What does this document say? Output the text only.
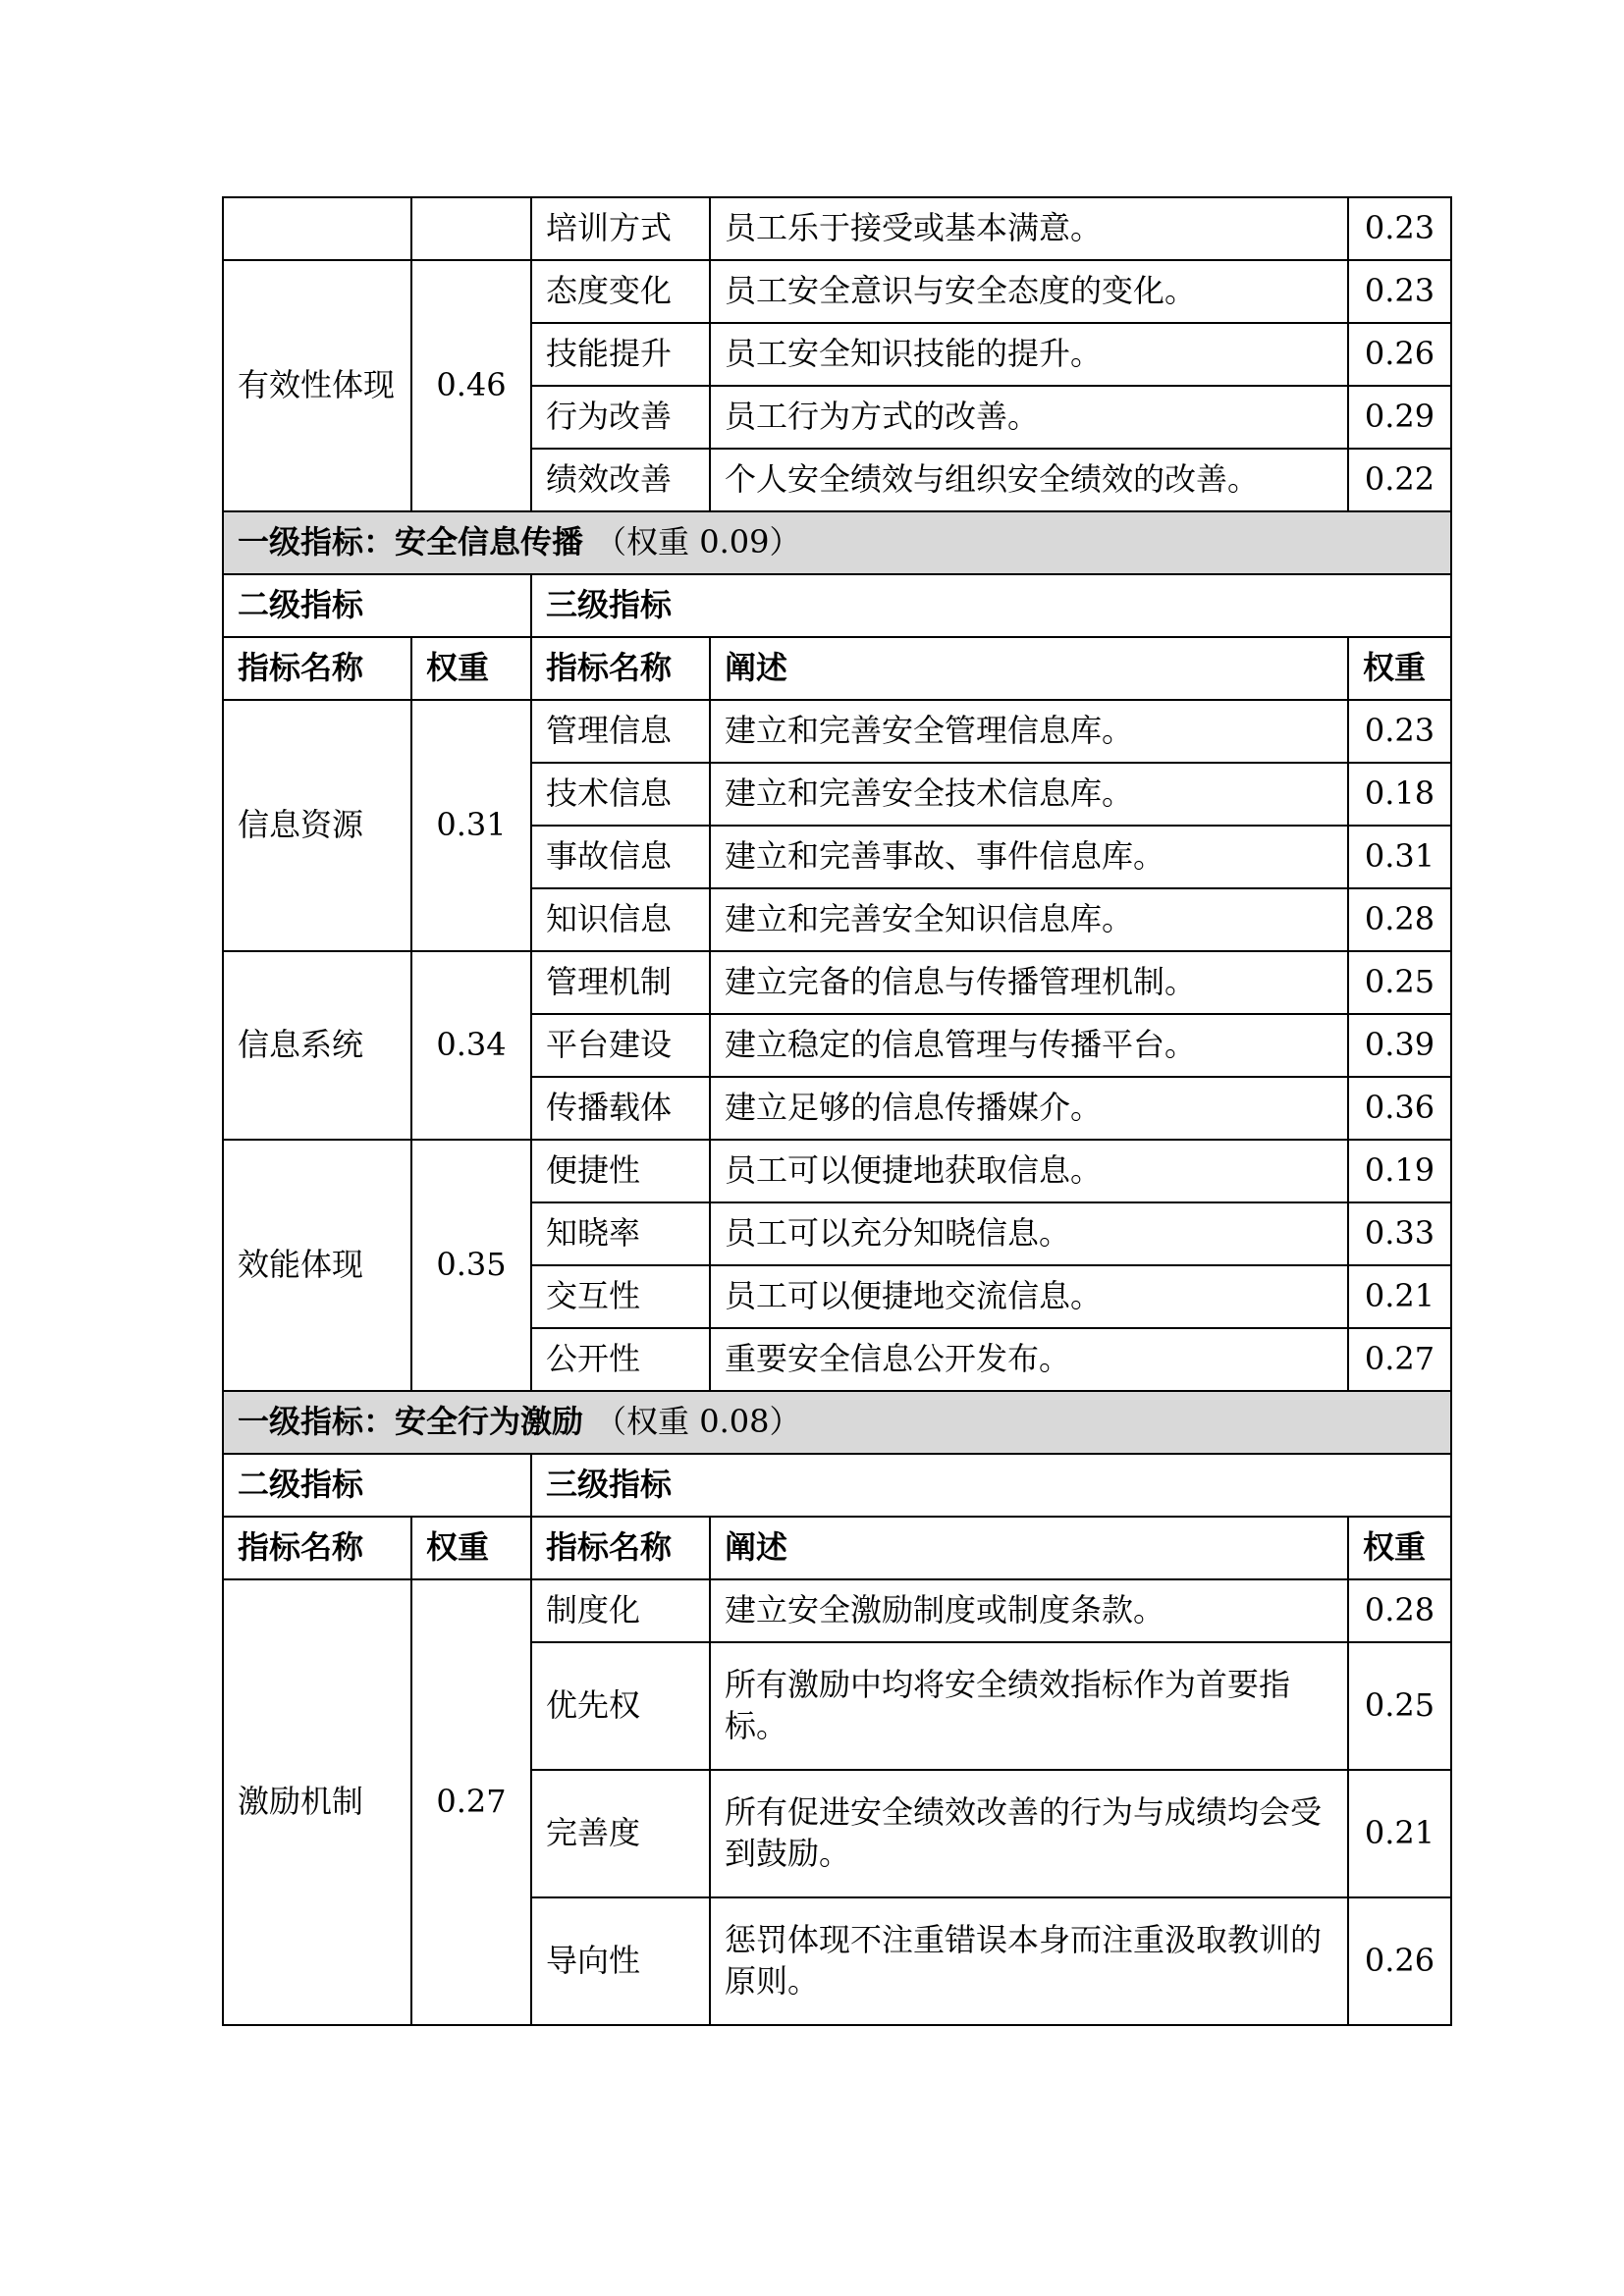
		培训方式	员工乐于接受或基本满意。	0.23
有效性体现	0.46	态度变化	员工安全意识与安全态度的变化。	0.23
		技能提升	员工安全知识技能的提升。	0.26
		行为改善	员工行为方式的改善。	0.29
		绩效改善	个人安全绩效与组织安全绩效的改善。	0.22
一级指标：安全信息传播 （权重 0.09）				
二级指标		三级指标		
指标名称	权重	指标名称	阐述	权重
信息资源	0.31	管理信息	建立和完善安全管理信息库。	0.23
		技术信息	建立和完善安全技术信息库。	0.18
		事故信息	建立和完善事故、事件信息库。	0.31
		知识信息	建立和完善安全知识信息库。	0.28
信息系统	0.34	管理机制	建立完备的信息与传播管理机制。	0.25
		平台建设	建立稳定的信息管理与传播平台。	0.39
		传播载体	建立足够的信息传播媒介。	0.36
效能体现	0.35	便捷性	员工可以便捷地获取信息。	0.19
		知晓率	员工可以充分知晓信息。	0.33
		交互性	员工可以便捷地交流信息。	0.21
		公开性	重要安全信息公开发布。	0.27
一级指标：安全行为激励 （权重 0.08）				
二级指标		三级指标		
指标名称	权重	指标名称	阐述	权重
激励机制	0.27	制度化	建立安全激励制度或制度条款。	0.28
		优先权	所有激励中均将安全绩效指标作为首要指标。	0.25
		完善度	所有促进安全绩效改善的行为与成绩均会受到鼓励。	0.21
		导向性	惩罚体现不注重错误本身而注重汲取教训的原则。	0.26
